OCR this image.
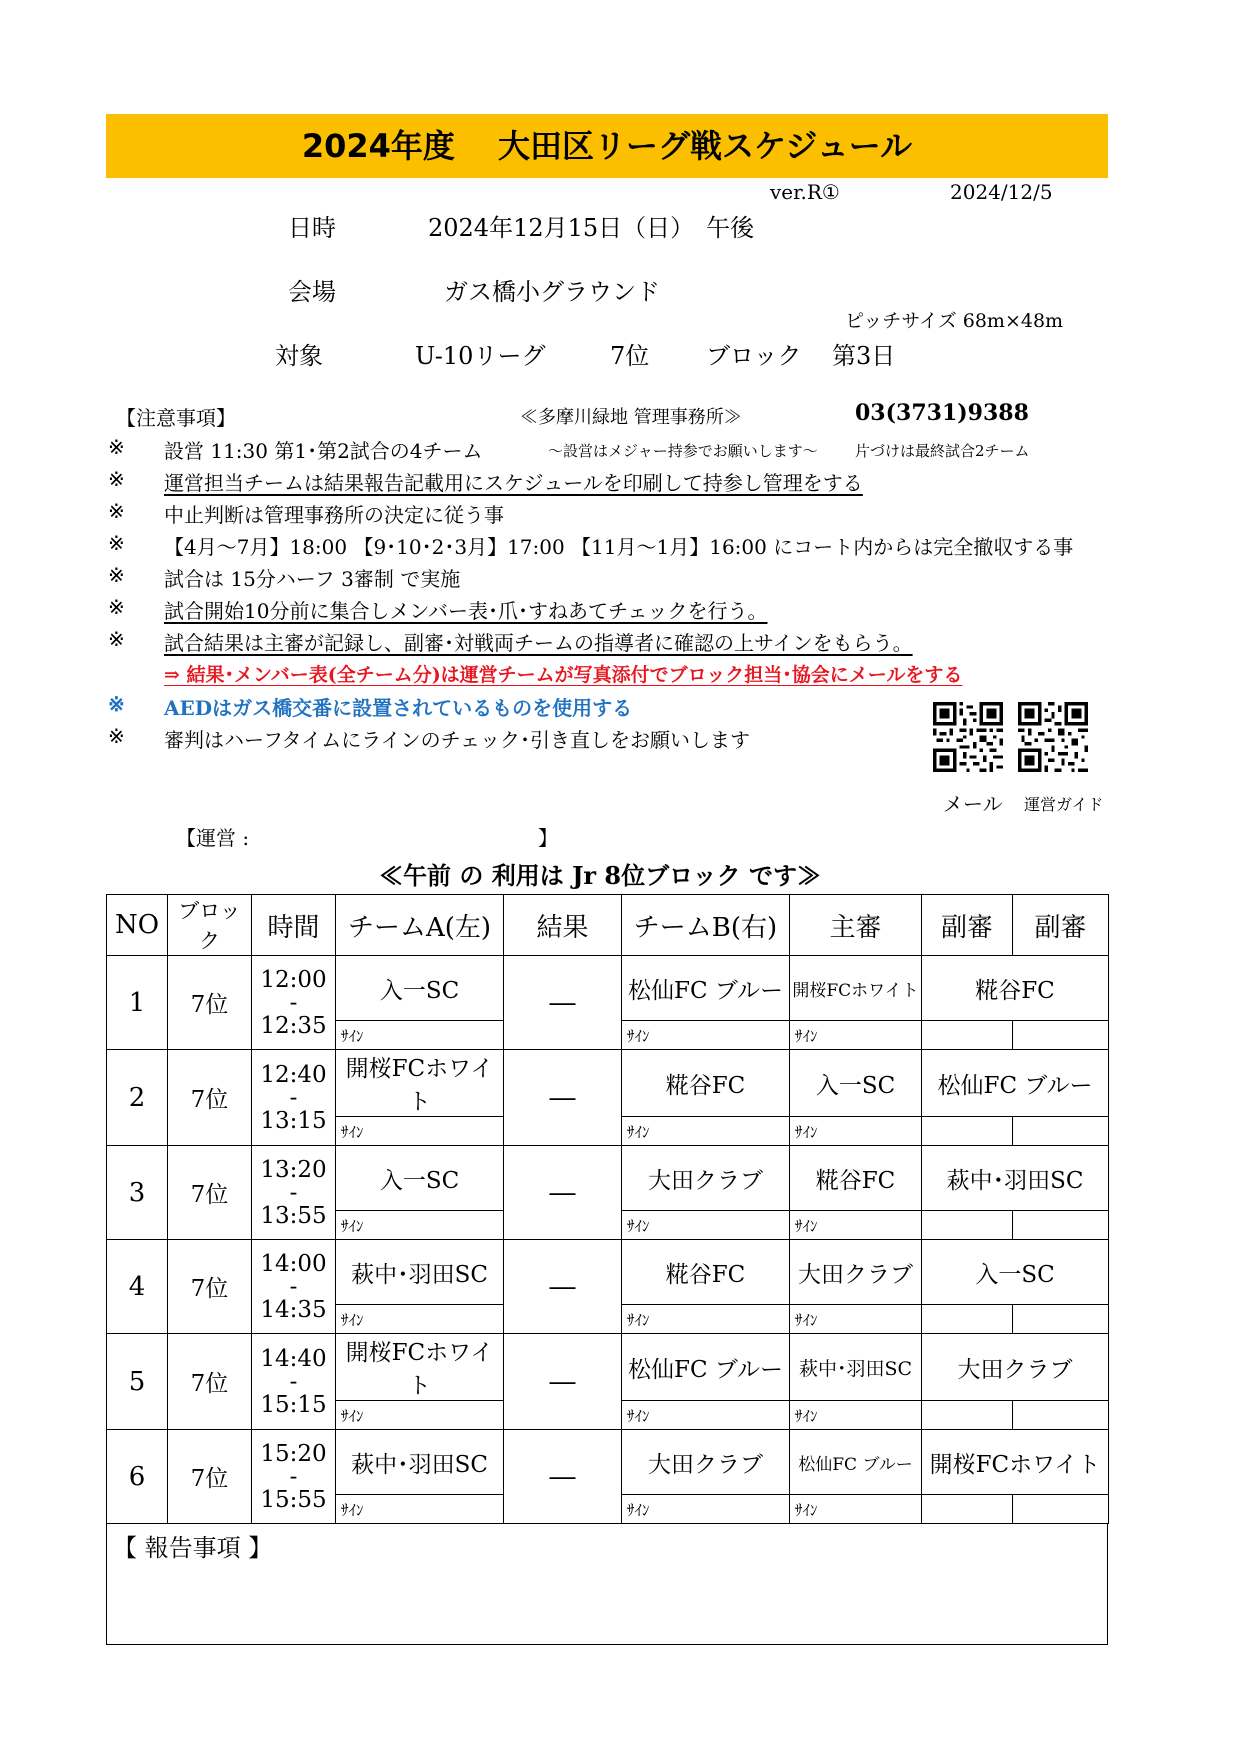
2024年度　 大田区リーグ戦スケジュール
ver.R①	2024/12/5
日時	2024年12月15日（日）　午後
会場	ガス橋小グラウンド
ピッチサイズ 68m×48m
対象	U-10リーグ	7位 ブロック 第3日
【注意事項】	≪多摩川緑地 管理事務所≫	03(3731)9388
※ 設営 11:30 第1･第2試合の4チーム	～設営はメジャー持参でお願いします～ 片づけは最終試合2チーム
※ 運営担当チームは結果報告記載用にスケジュールを印刷して持参し管理をする
※ 中止判断は管理事務所の決定に従う事
※ 【4月～7月】18:00 【9･10･2･3月】17:00 【11月～1月】16:00 にコート内からは完全撤収する事
※ 試合は 15分ハーフ 3審制 で実施
※ 試合開始10分前に集合しメンバー表･爪･すねあてチェックを行う。
※ 試合結果は主審が記録し、副審･対戦両チームの指導者に確認の上サインをもらう。
⇒ 結果･メンバー表(全チーム分)は運営チームが写真添付でブロック担当･協会にメールをする
※ AEDはガス橋交番に設置されているものを使用する
※ 審判はハーフタイムにラインのチェック･引き直しをお願いします
メール 運営ガイド
【運営 :	】
≪午前 の 利用は Jr 8位ブロック です≫
NO	ブロック	時間	チームA(左)	結果	チームB(右)	主審	副審	副審
1	7位	12:00
-
12:35	入一SC	―	松仙FC ブルー	開桜FCホワイト	糀谷FC	
			ｻｲﾝ		ｻｲﾝ	ｻｲﾝ		
2	7位	12:40
-
13:15	開桜FCホワイト	―	糀谷FC	入一SC	松仙FC ブルー	
			ｻｲﾝ		ｻｲﾝ	ｻｲﾝ		
3	7位	13:20
-
13:55	入一SC	―	大田クラブ	糀谷FC	萩中･羽田SC	
			ｻｲﾝ		ｻｲﾝ	ｻｲﾝ		
4	7位	14:00
-
14:35	萩中･羽田SC	―	糀谷FC	大田クラブ	入一SC	
			ｻｲﾝ		ｻｲﾝ	ｻｲﾝ		
5	7位	14:40
-
15:15	開桜FCホワイト	―	松仙FC ブルー	萩中･羽田SC	大田クラブ	
			ｻｲﾝ		ｻｲﾝ	ｻｲﾝ		
6	7位	15:20
-
15:55	萩中･羽田SC	―	大田クラブ	松仙FC ブルー	開桜FCホワイト	
			ｻｲﾝ		ｻｲﾝ	ｻｲﾝ		
【 報告事項 】
